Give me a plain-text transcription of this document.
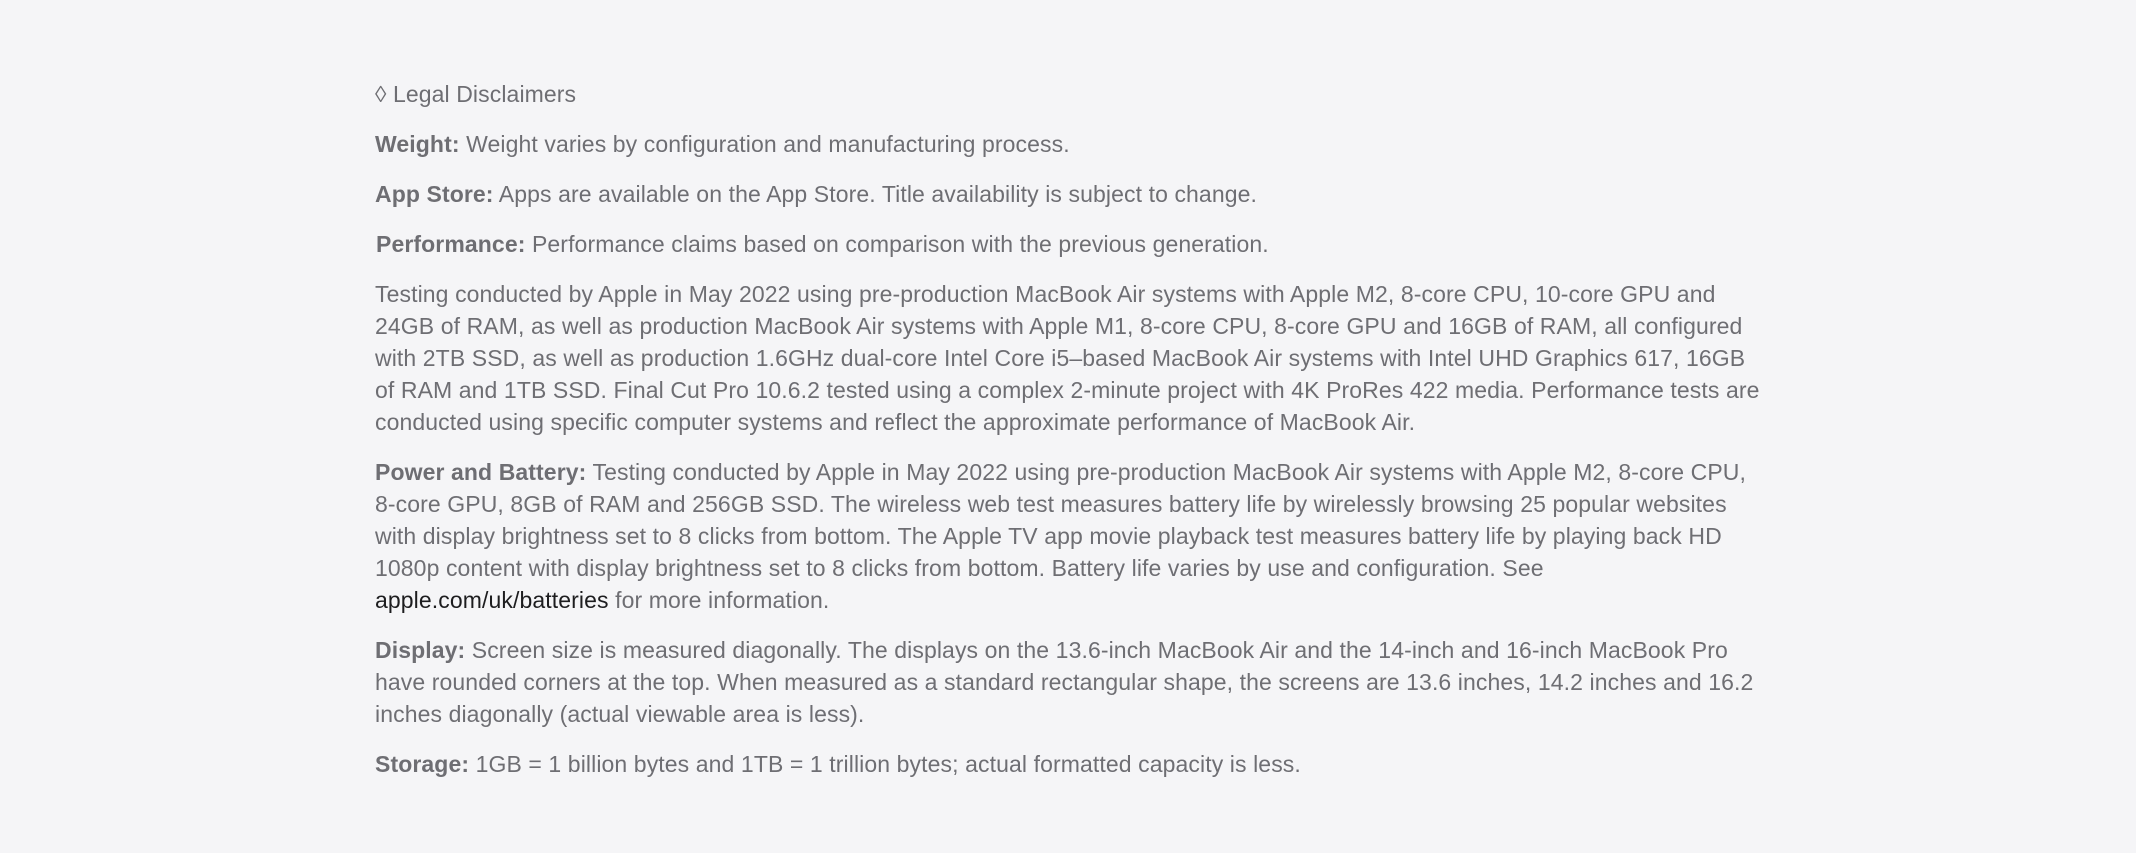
◊ Legal Disclaimers

Weight: Weight varies by configuration and manufacturing process.

App Store: Apps are available on the App Store. Title availability is subject to change.

Performance: Performance claims based on comparison with the previous generation.

Testing conducted by Apple in May 2022 using pre-production MacBook Air systems with Apple M2, 8-core CPU, 10-core GPU and 24GB of RAM, as well as production MacBook Air systems with Apple M1, 8-core CPU, 8-core GPU and 16GB of RAM, all configured with 2TB SSD, as well as production 1.6GHz dual-core Intel Core i5–based MacBook Air systems with Intel UHD Graphics 617, 16GB of RAM and 1TB SSD. Final Cut Pro 10.6.2 tested using a complex 2-minute project with 4K ProRes 422 media. Performance tests are conducted using specific computer systems and reflect the approximate performance of MacBook Air.

Power and Battery: Testing conducted by Apple in May 2022 using pre-production MacBook Air systems with Apple M2, 8-core CPU, 8-core GPU, 8GB of RAM and 256GB SSD. The wireless web test measures battery life by wirelessly browsing 25 popular websites with display brightness set to 8 clicks from bottom. The Apple TV app movie playback test measures battery life by playing back HD 1080p content with display brightness set to 8 clicks from bottom. Battery life varies by use and configuration. See apple.com/uk/batteries for more information.

Display: Screen size is measured diagonally. The displays on the 13.6-inch MacBook Air and the 14-inch and 16-inch MacBook Pro have rounded corners at the top. When measured as a standard rectangular shape, the screens are 13.6 inches, 14.2 inches and 16.2 inches diagonally (actual viewable area is less).

Storage: 1GB = 1 billion bytes and 1TB = 1 trillion bytes; actual formatted capacity is less.
